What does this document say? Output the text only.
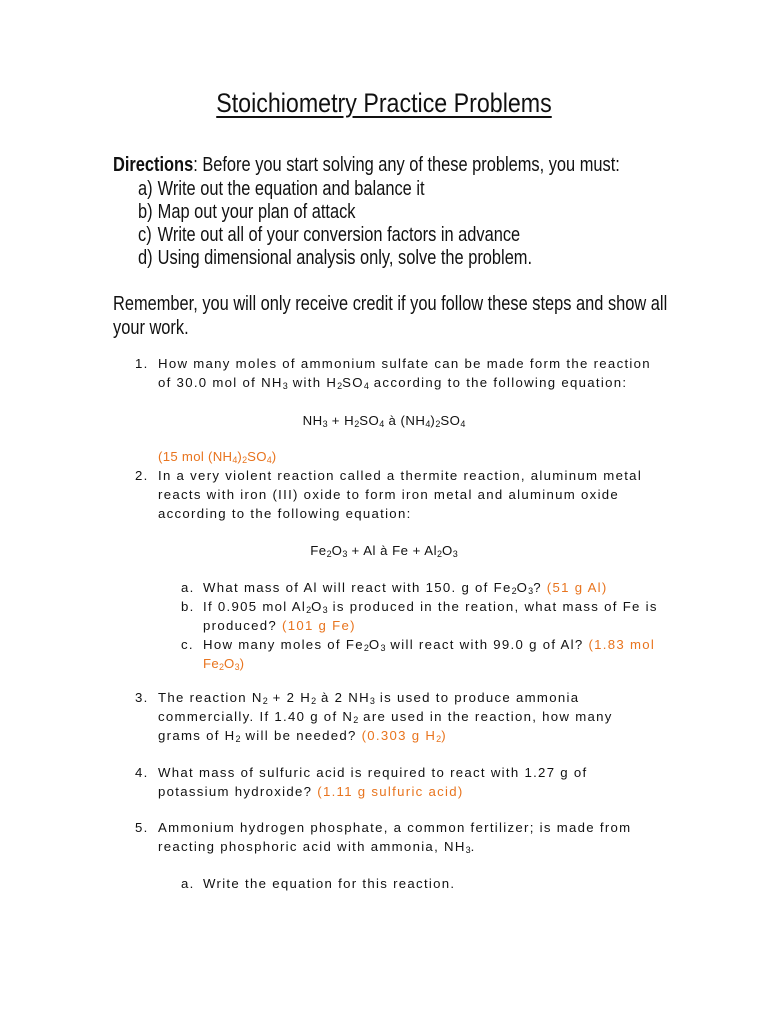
Stoichiometry Practice Problems
Directions: Before you start solving any of these problems, you must:
a) Write out the equation and balance it
b) Map out your plan of attack
c) Write out all of your conversion factors in advance
d) Using dimensional analysis only, solve the problem.
Remember, you will only receive credit if you follow these steps and show all
your work.
1. How many moles of ammonium sulfate can be made form the reaction
of 30.0 mol of $NH_3$ with $H_2SO_4$ according to the following equation:
$NH_3 + H_2SO_4$ à $(NH_4)_2SO_4$
(15 mol $(NH_4)_2SO_4$)
2. In a very violent reaction called a thermite reaction, aluminum metal
reacts with iron (III) oxide to form iron metal and aluminum oxide
according to the following equation:
$Fe_2O_3 + Al$ à $Fe + Al_2O_3$
a. What mass of Al will react with 150. g of $Fe_2O_3$? (51 g Al)
b. If 0.905 mol $Al_2O_3$ is produced in the reation, what mass of Fe is
produced? (101 g Fe)
c. How many moles of $Fe_2O_3$ will react with 99.0 g of Al? (1.83 mol
$Fe_2O_3$)
3. The reaction $N_2 + 2$ $H_2$ à 2 $NH_3$ is used to produce ammonia
commercially. If 1.40 g of $N_2$ are used in the reaction, how many
grams of $H_2$ will be needed? (0.303 g $H_2$)
4. What mass of sulfuric acid is required to react with 1.27 g of
potassium hydroxide? (1.11 g sulfuric acid)
5. Ammonium hydrogen phosphate, a common fertilizer; is made from
reacting phosphoric acid with ammonia, $NH_3$.
a. Write the equation for this reaction.
